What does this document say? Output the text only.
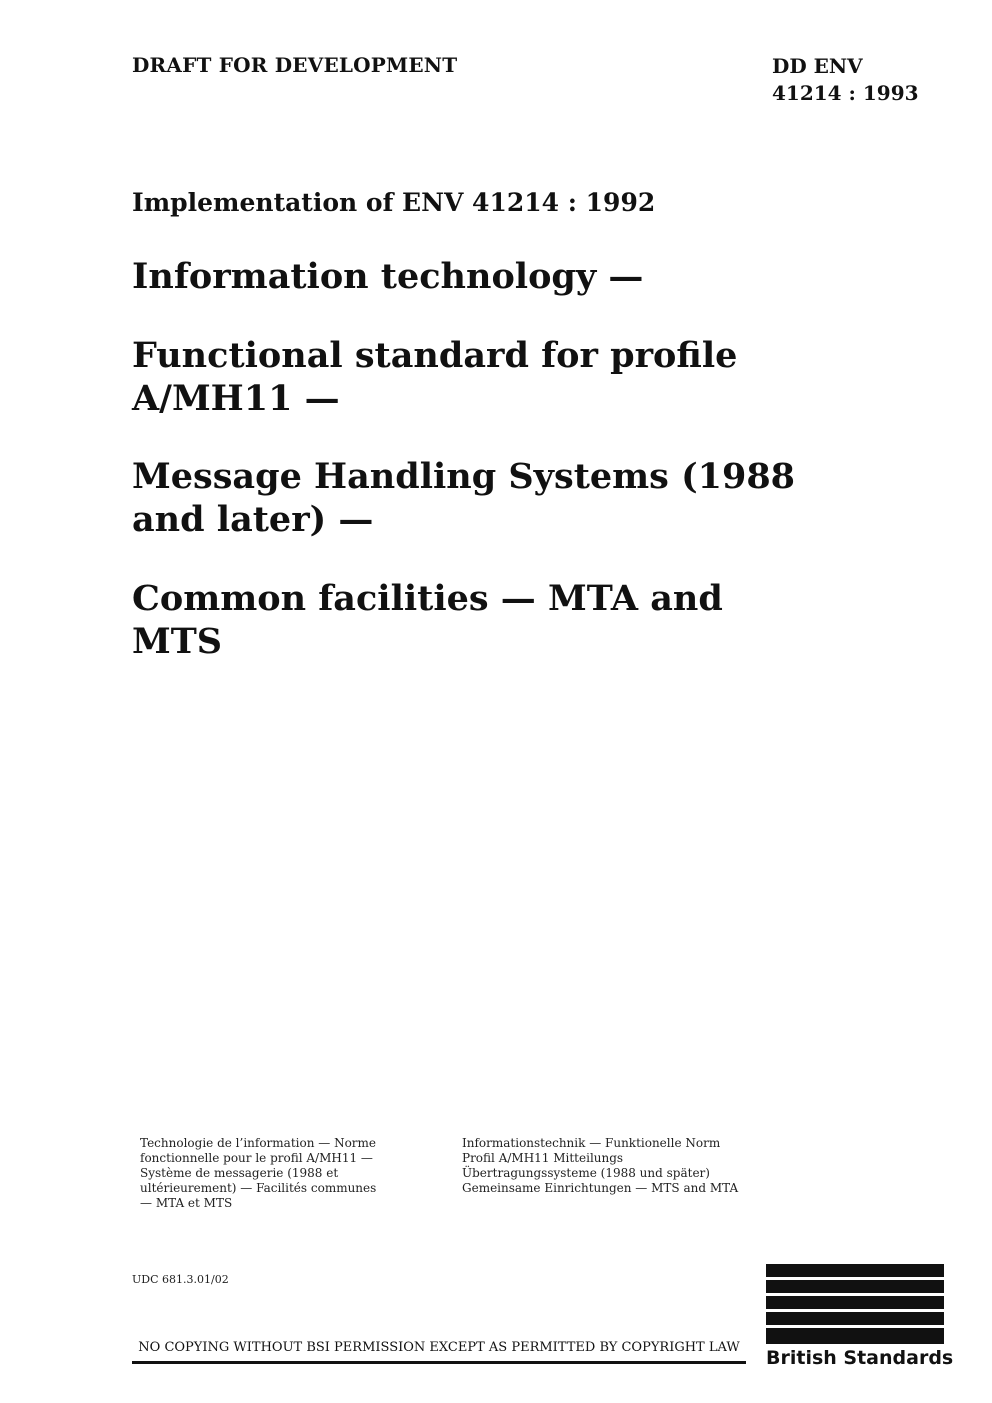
DRAFT FOR DEVELOPMENT	DD ENV
41214 : 1993
Implementation of ENV 41214 : 1992
Information technology —
Functional standard for profile A/MH11 —
Message Handling Systems (1988 and later) —
Common facilities — MTA and MTS
Technologie de l’information — Norme fonctionnelle pour le profil A/MH11 — Système de messagerie (1988 et ultérieurement) — Facilités communes — MTA et MTS
Informationstechnik — Funktionelle Norm Profil A/MH11 Mitteilungs Übertragungssysteme (1988 und später) Gemeinsame Einrichtungen — MTS and MTA
UDC 681.3.01/02
NO COPYING WITHOUT BSI PERMISSION EXCEPT AS PERMITTED BY COPYRIGHT LAW	British Standards
